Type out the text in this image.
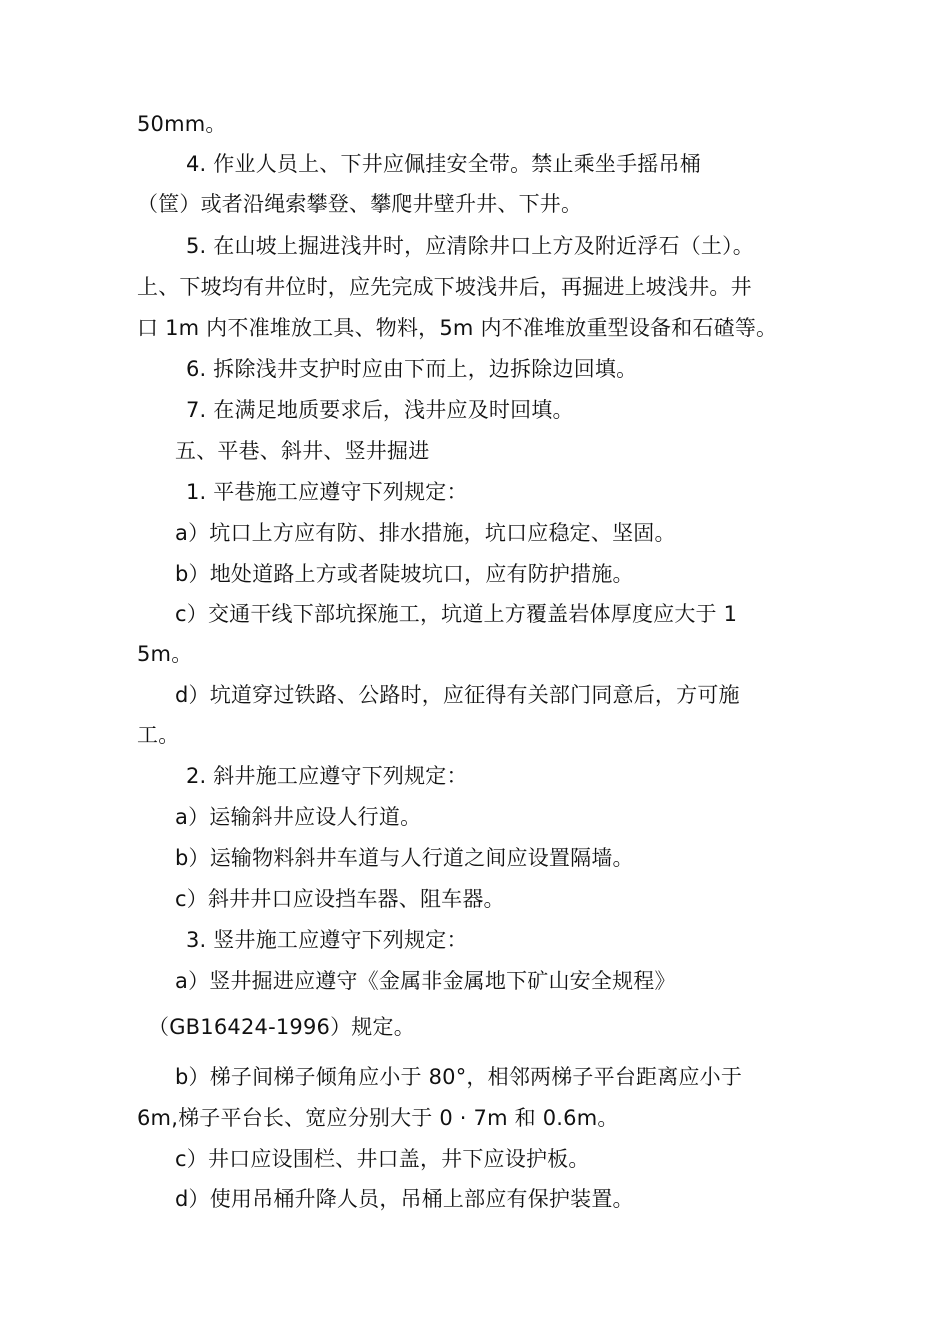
50mm。
4. 作业人员上、下井应佩挂安全带。禁止乘坐手摇吊桶
（筐）或者沿绳索攀登、攀爬井壁升井、下井。
5. 在山坡上掘进浅井时，应清除井口上方及附近浮石（土）。
上、下坡均有井位时，应先完成下坡浅井后，再掘进上坡浅井。井
口 1m 内不准堆放工具、物料，5m 内不准堆放重型设备和石碴等。
6. 拆除浅井支护时应由下而上，边拆除边回填。
7. 在满足地质要求后，浅井应及时回填。
五、平巷、斜井、竖井掘进
1. 平巷施工应遵守下列规定：
a）坑口上方应有防、排水措施，坑口应稳定、坚固。
b）地处道路上方或者陡坡坑口，应有防护措施。
c）交通干线下部坑探施工，坑道上方覆盖岩体厚度应大于 1
5m。
d）坑道穿过铁路、公路时，应征得有关部门同意后，方可施
工。
2. 斜井施工应遵守下列规定：
a）运输斜井应设人行道。
b）运输物料斜井车道与人行道之间应设置隔墙。
c）斜井井口应设挡车器、阻车器。
3. 竖井施工应遵守下列规定：
a）竖井掘进应遵守《金属非金属地下矿山安全规程》
（GB16424-1996）规定。
b）梯子间梯子倾角应小于 80°，相邻两梯子平台距离应小于
6m,梯子平台长、宽应分别大于 0 · 7m 和 0.6m。
c）井口应设围栏、井口盖，井下应设护板。
d）使用吊桶升降人员，吊桶上部应有保护装置。
